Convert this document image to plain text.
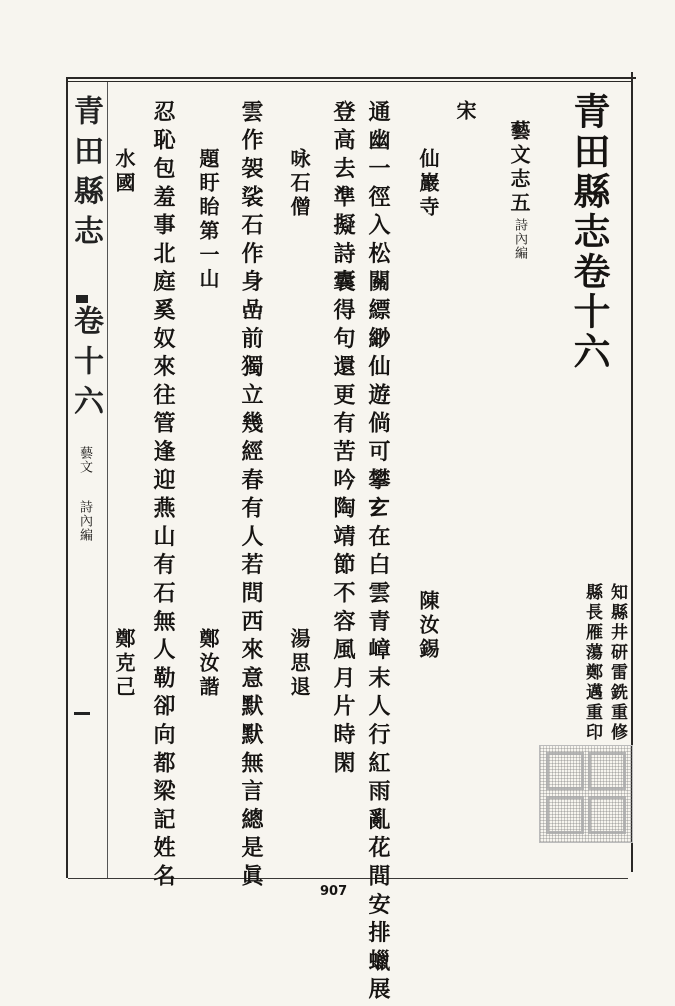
青田縣志卷十六
知縣井研雷銑重修
縣長雁蕩鄭邁重印
藝文志五
詩內編
宋
仙巖寺
陳汝錫
通幽一徑入松關縹緲仙遊倘可攀𤣥在白雲青嶂末人行紅雨亂花間安排蠟展
登高去準擬詩囊得句還更有苦吟陶靖節不容風月片時閑
咏石僧
湯思退
雲作袈裟石作身嵒前獨立幾經春有人若問西來意默默無言總是眞
題盱眙第一山
鄭汝諧
忍恥包羞事北庭奚奴來往管逢迎燕山有石無人勒卻向都梁記姓名
水國
鄭克己
青田縣志
卷十六
藝文
詩內編
907
